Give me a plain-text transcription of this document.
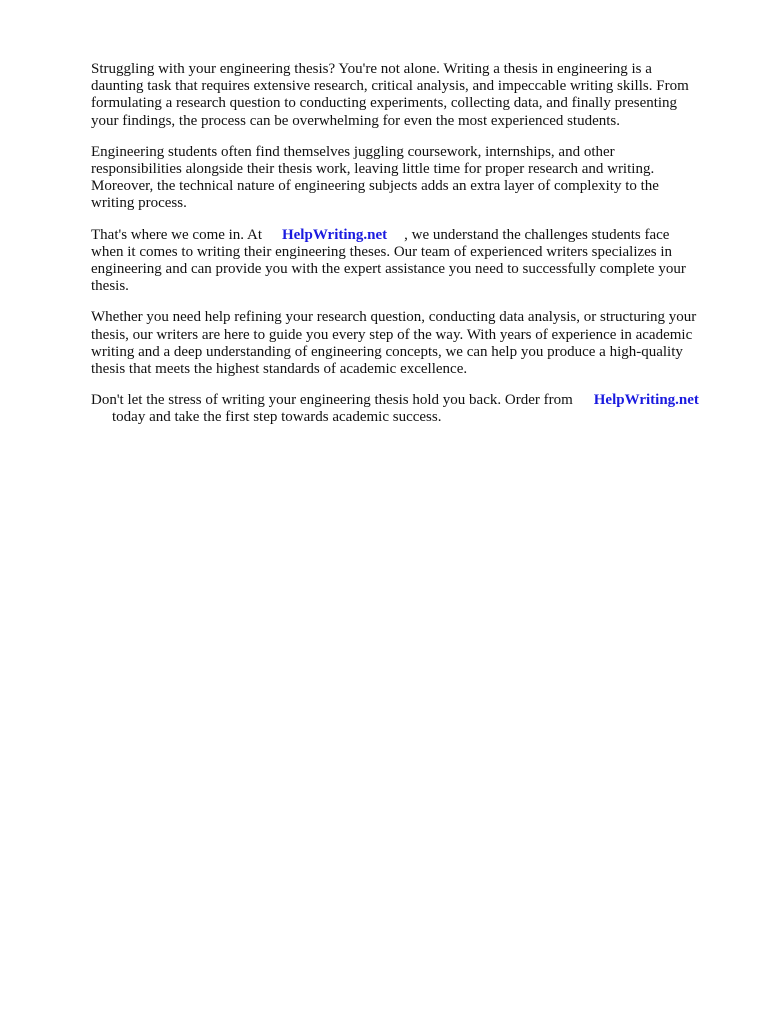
Struggling with your engineering thesis? You're not alone. Writing a thesis in engineering is a
daunting task that requires extensive research, critical analysis, and impeccable writing skills. From
formulating a research question to conducting experiments, collecting data, and finally presenting
your findings, the process can be overwhelming for even the most experienced students.

Engineering students often find themselves juggling coursework, internships, and other
responsibilities alongside their thesis work, leaving little time for proper research and writing.
Moreover, the technical nature of engineering subjects adds an extra layer of complexity to the
writing process.

That's where we come in. At HelpWriting.net , we understand the challenges students face
when it comes to writing their engineering theses. Our team of experienced writers specializes in
engineering and can provide you with the expert assistance you need to successfully complete your
thesis.

Whether you need help refining your research question, conducting data analysis, or structuring your
thesis, our writers are here to guide you every step of the way. With years of experience in academic
writing and a deep understanding of engineering concepts, we can help you produce a high-quality
thesis that meets the highest standards of academic excellence.

Don't let the stress of writing your engineering thesis hold you back. Order from HelpWriting.net
today and take the first step towards academic success.
